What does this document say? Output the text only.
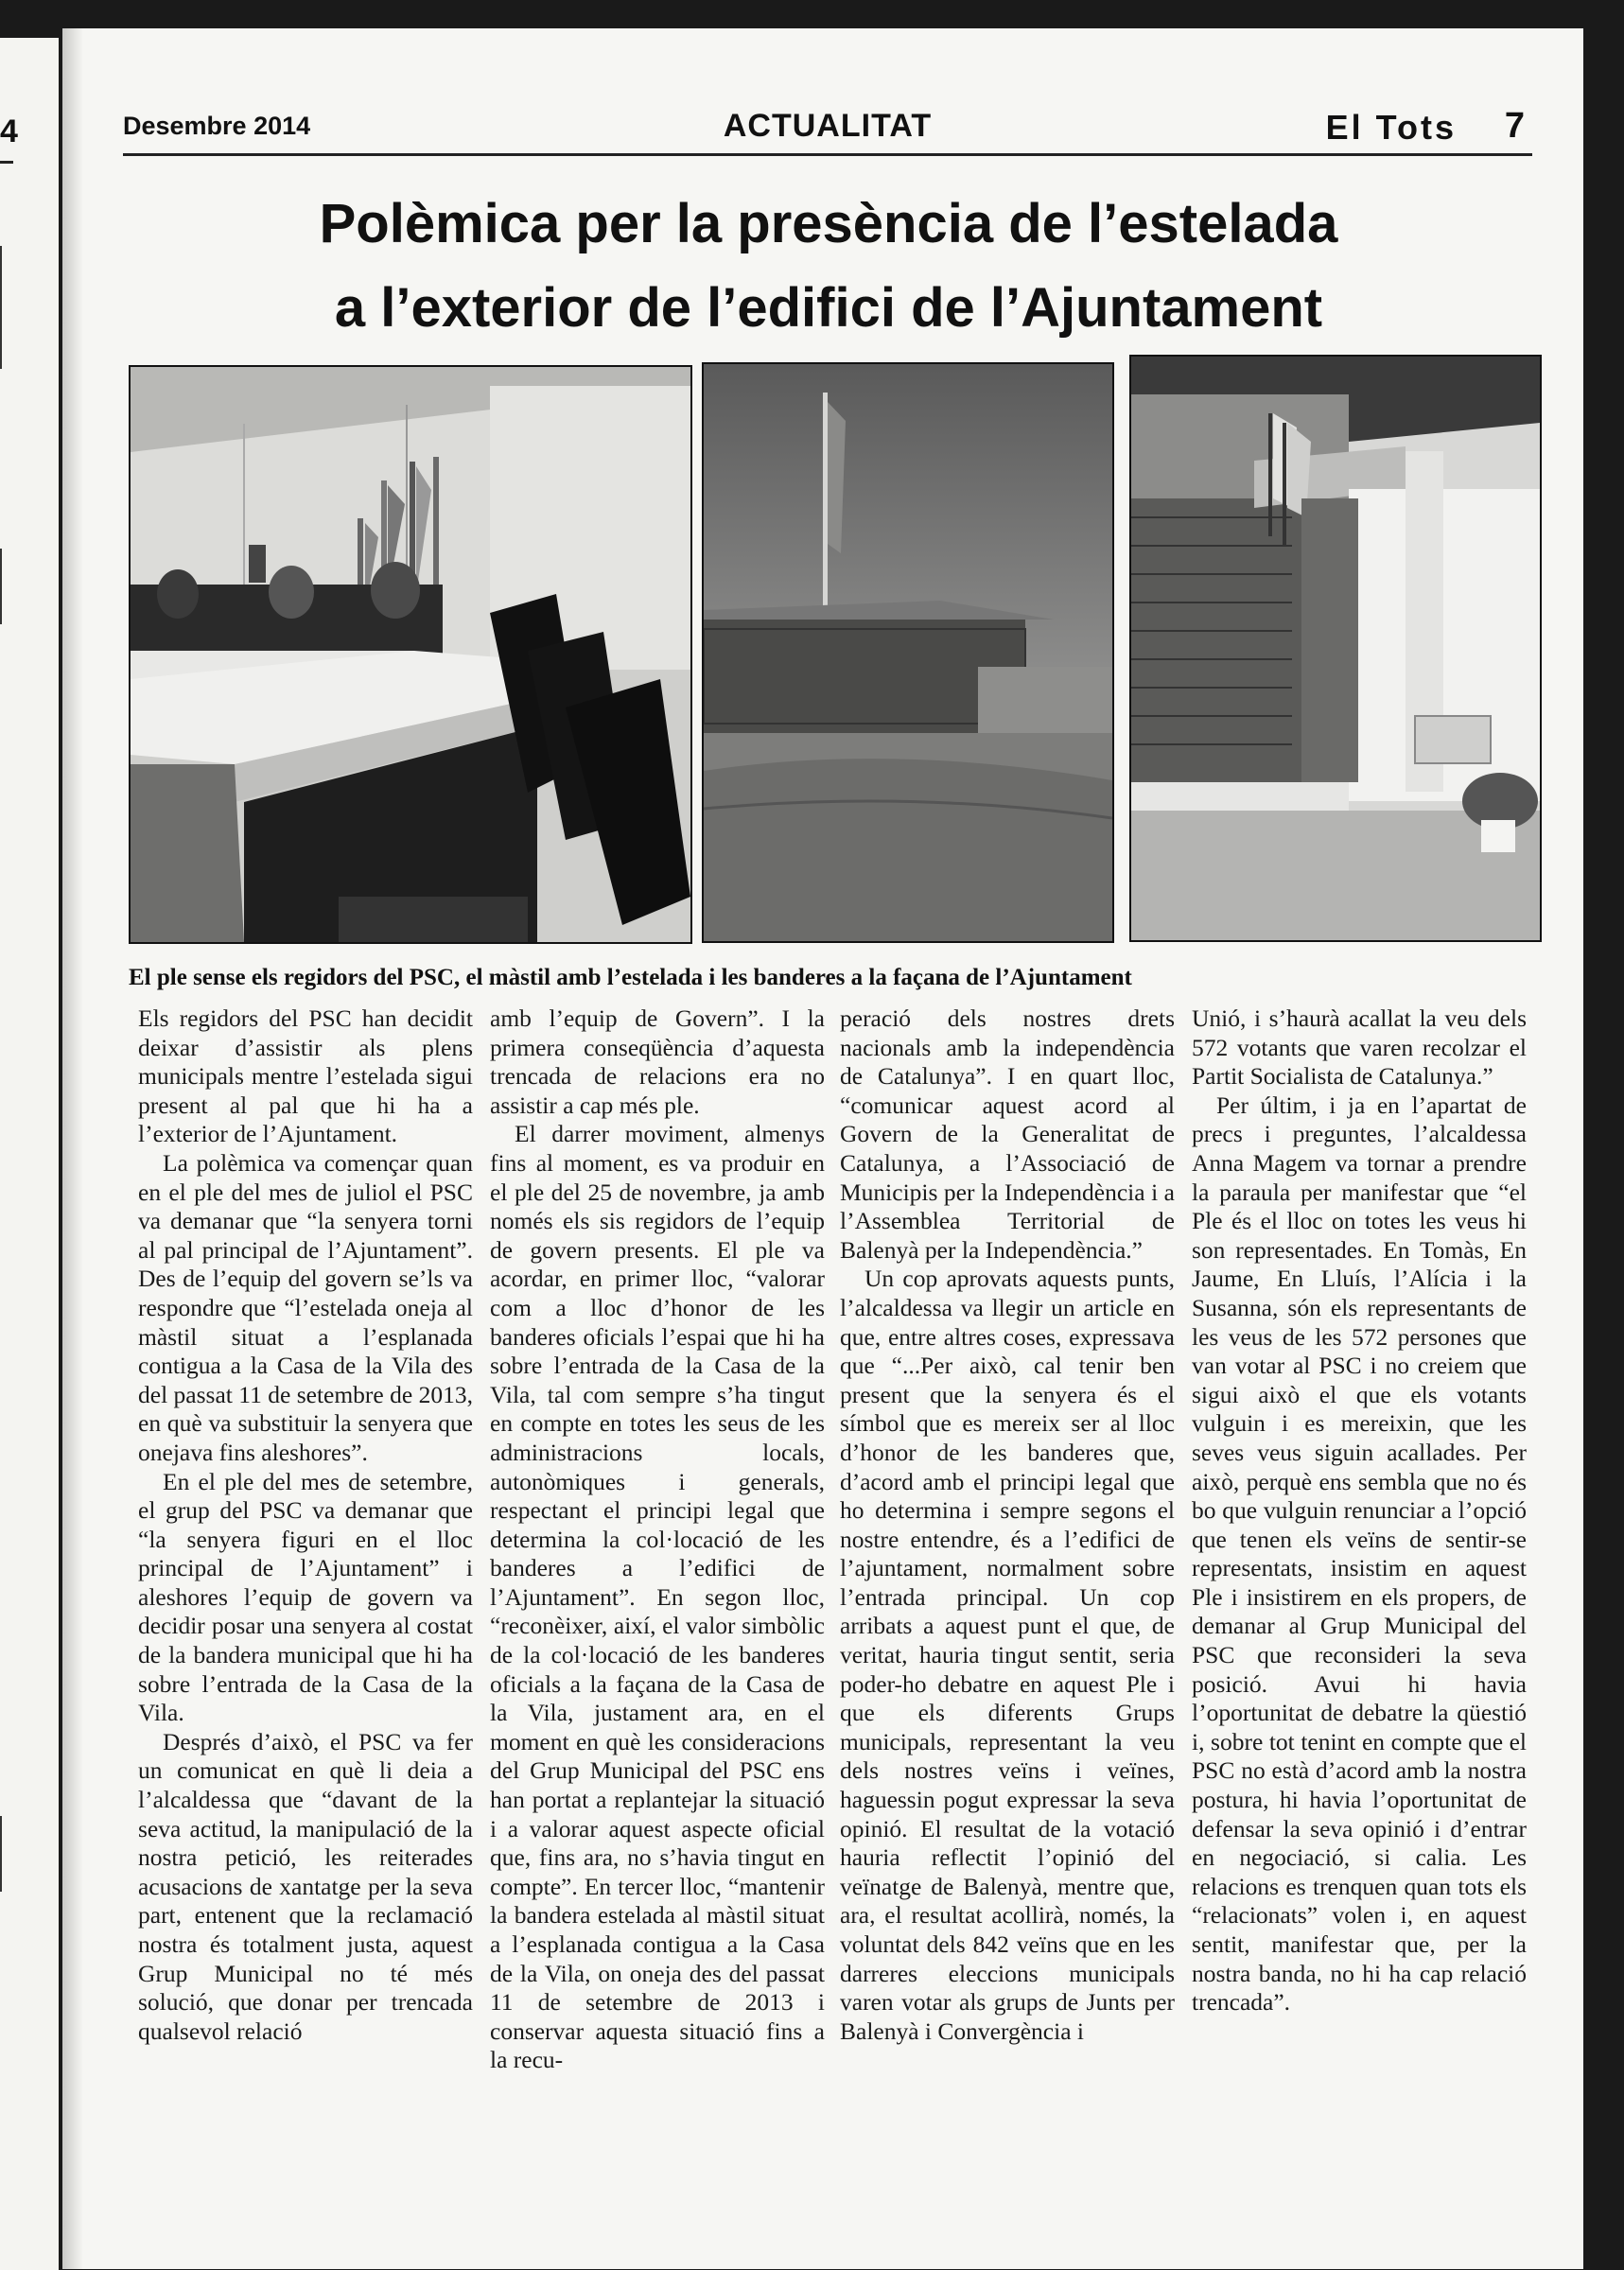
4	Desembre 2014	ACTUALITAT	El Tots 7
Polèmica per la presència de l’estelada
a l’exterior de l’edifici de l’Ajuntament
El ple sense els regidors del PSC, el màstil amb l’estelada i les banderes a la façana de l’Ajuntament

Els regidors del PSC han decidit deixar d’assistir als plens municipals mentre l’estelada sigui present al pal que hi ha a l’exterior de l’Ajuntament.

La polèmica va començar quan en el ple del mes de juliol el PSC va demanar que “la senyera torni al pal principal de l’Ajuntament”. Des de l’equip del govern se’ls va respondre que “l’estelada oneja al màstil situat a l’esplanada contigua a la Casa de la Vila des del passat 11 de setembre de 2013, en què va substituir la senyera que onejava fins aleshores”.

En el ple del mes de setembre, el grup del PSC va demanar que “la senyera figuri en el lloc principal de l’Ajuntament” i aleshores l’equip de govern va decidir posar una senyera al costat de la bandera municipal que hi ha sobre l’entrada de la Casa de la Vila.

Després d’això, el PSC va fer un comunicat en què li deia a l’alcaldessa que “davant de la seva actitud, la manipulació de la nostra petició, les reiterades acusacions de xantatge per la seva part, entenent que la reclamació nostra és totalment justa, aquest Grup Municipal no té més solució, que donar per trencada qualsevol relació

amb l’equip de Govern”. I la primera conseqüència d’aquesta trencada de relacions era no assistir a cap més ple.

El darrer moviment, almenys fins al moment, es va produir en el ple del 25 de novembre, ja amb només els sis regidors de l’equip de govern presents. El ple va acordar, en primer lloc, “valorar com a lloc d’honor de les banderes oficials l’espai que hi ha sobre l’entrada de la Casa de la Vila, tal com sempre s’ha tingut en compte en totes les seus de les administracions locals, autonòmiques i generals, respectant el principi legal que determina la col·locació de les banderes a l’edifici de l’Ajuntament”. En segon lloc, “reconèixer, així, el valor simbòlic de la col·locació de les banderes oficials a la façana de la Casa de la Vila, justament ara, en el moment en què les consideracions del Grup Municipal del PSC ens han portat a replantejar la situació i a valorar aquest aspecte oficial que, fins ara, no s’havia tingut en compte”. En tercer lloc, “mantenir la bandera estelada al màstil situat a l’esplanada contigua a la Casa de la Vila, on oneja des del passat 11 de setembre de 2013 i conservar aquesta situació fins a la recu-

peració dels nostres drets nacionals amb la independència de Catalunya”. I en quart lloc, “comunicar aquest acord al Govern de la Generalitat de Catalunya, a l’Associació de Municipis per la Independència i a l’Assemblea Territorial de Balenyà per la Independència.”

Un cop aprovats aquests punts, l’alcaldessa va llegir un article en que, entre altres coses, expressava que “...Per això, cal tenir ben present que la senyera és el símbol que es mereix ser al lloc d’honor de les banderes que, d’acord amb el principi legal que ho determina i sempre segons el nostre entendre, és a l’edifici de l’ajuntament, normalment sobre l’entrada principal. Un cop arribats a aquest punt el que, de veritat, hauria tingut sentit, seria poder-ho debatre en aquest Ple i que els diferents Grups municipals, representant la veu dels nostres veïns i veïnes, haguessin pogut expressar la seva opinió. El resultat de la votació hauria reflectit l’opinió del veïnatge de Balenyà, mentre que, ara, el resultat acollirà, només, la voluntat dels 842 veïns que en les darreres eleccions municipals varen votar als grups de Junts per Balenyà i Convergència i

Unió, i s’haurà acallat la veu dels 572 votants que varen recolzar el Partit Socialista de Catalunya.”

Per últim, i ja en l’apartat de precs i preguntes, l’alcaldessa Anna Magem va tornar a prendre la paraula per manifestar que “el Ple és el lloc on totes les veus hi son representades. En Tomàs, En Jaume, En Lluís, l’Alícia i la Susanna, són els representants de les veus de les 572 persones que van votar al PSC i no creiem que sigui això el que els votants vulguin i es mereixin, que les seves veus siguin acallades. Per això, perquè ens sembla que no és bo que vulguin renunciar a l’opció que tenen els veïns de sentir-se representats, insistim en aquest Ple i insistirem en els propers, de demanar al Grup Municipal del PSC que reconsideri la seva posició. Avui hi havia l’oportunitat de debatre la qüestió i, sobre tot tenint en compte que el PSC no està d’acord amb la nostra postura, hi havia l’oportunitat de defensar la seva opinió i d’entrar en negociació, si calia. Les relacions es trenquen quan tots els “relacionats” volen i, en aquest sentit, manifestar que, per la nostra banda, no hi ha cap relació trencada”.
